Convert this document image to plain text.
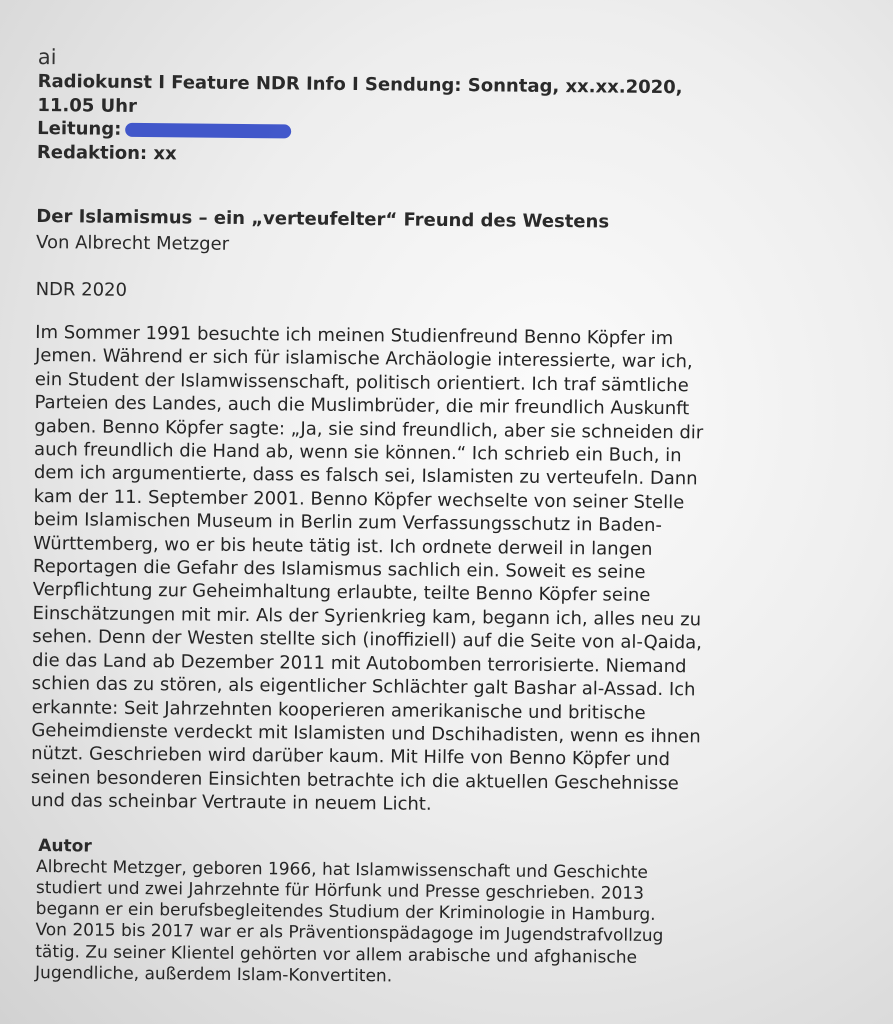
ai
Radiokunst I Feature NDR Info I Sendung: Sonntag, xx.xx.2020,
11.05 Uhr
Leitung:
Redaktion: xx
Der Islamismus – ein „verteufelter“ Freund des Westens
Von Albrecht Metzger
NDR 2020
Im Sommer 1991 besuchte ich meinen Studienfreund Benno Köpfer im
Jemen. Während er sich für islamische Archäologie interessierte, war ich,
ein Student der Islamwissenschaft, politisch orientiert. Ich traf sämtliche
Parteien des Landes, auch die Muslimbrüder, die mir freundlich Auskunft
gaben. Benno Köpfer sagte: „Ja, sie sind freundlich, aber sie schneiden dir
auch freundlich die Hand ab, wenn sie können.“ Ich schrieb ein Buch, in
dem ich argumentierte, dass es falsch sei, Islamisten zu verteufeln. Dann
kam der 11. September 2001. Benno Köpfer wechselte von seiner Stelle
beim Islamischen Museum in Berlin zum Verfassungsschutz in Baden-
Württemberg, wo er bis heute tätig ist. Ich ordnete derweil in langen
Reportagen die Gefahr des Islamismus sachlich ein. Soweit es seine
Verpflichtung zur Geheimhaltung erlaubte, teilte Benno Köpfer seine
Einschätzungen mit mir. Als der Syrienkrieg kam, begann ich, alles neu zu
sehen. Denn der Westen stellte sich (inoffiziell) auf die Seite von al-Qaida,
die das Land ab Dezember 2011 mit Autobomben terrorisierte. Niemand
schien das zu stören, als eigentlicher Schlächter galt Bashar al-Assad. Ich
erkannte: Seit Jahrzehnten kooperieren amerikanische und britische
Geheimdienste verdeckt mit Islamisten und Dschihadisten, wenn es ihnen
nützt. Geschrieben wird darüber kaum. Mit Hilfe von Benno Köpfer und
seinen besonderen Einsichten betrachte ich die aktuellen Geschehnisse
und das scheinbar Vertraute in neuem Licht.
Autor
Albrecht Metzger, geboren 1966, hat Islamwissenschaft und Geschichte
studiert und zwei Jahrzehnte für Hörfunk und Presse geschrieben. 2013
begann er ein berufsbegleitendes Studium der Kriminologie in Hamburg.
Von 2015 bis 2017 war er als Präventionspädagoge im Jugendstrafvollzug
tätig. Zu seiner Klientel gehörten vor allem arabische und afghanische
Jugendliche, außerdem Islam-Konvertiten.
